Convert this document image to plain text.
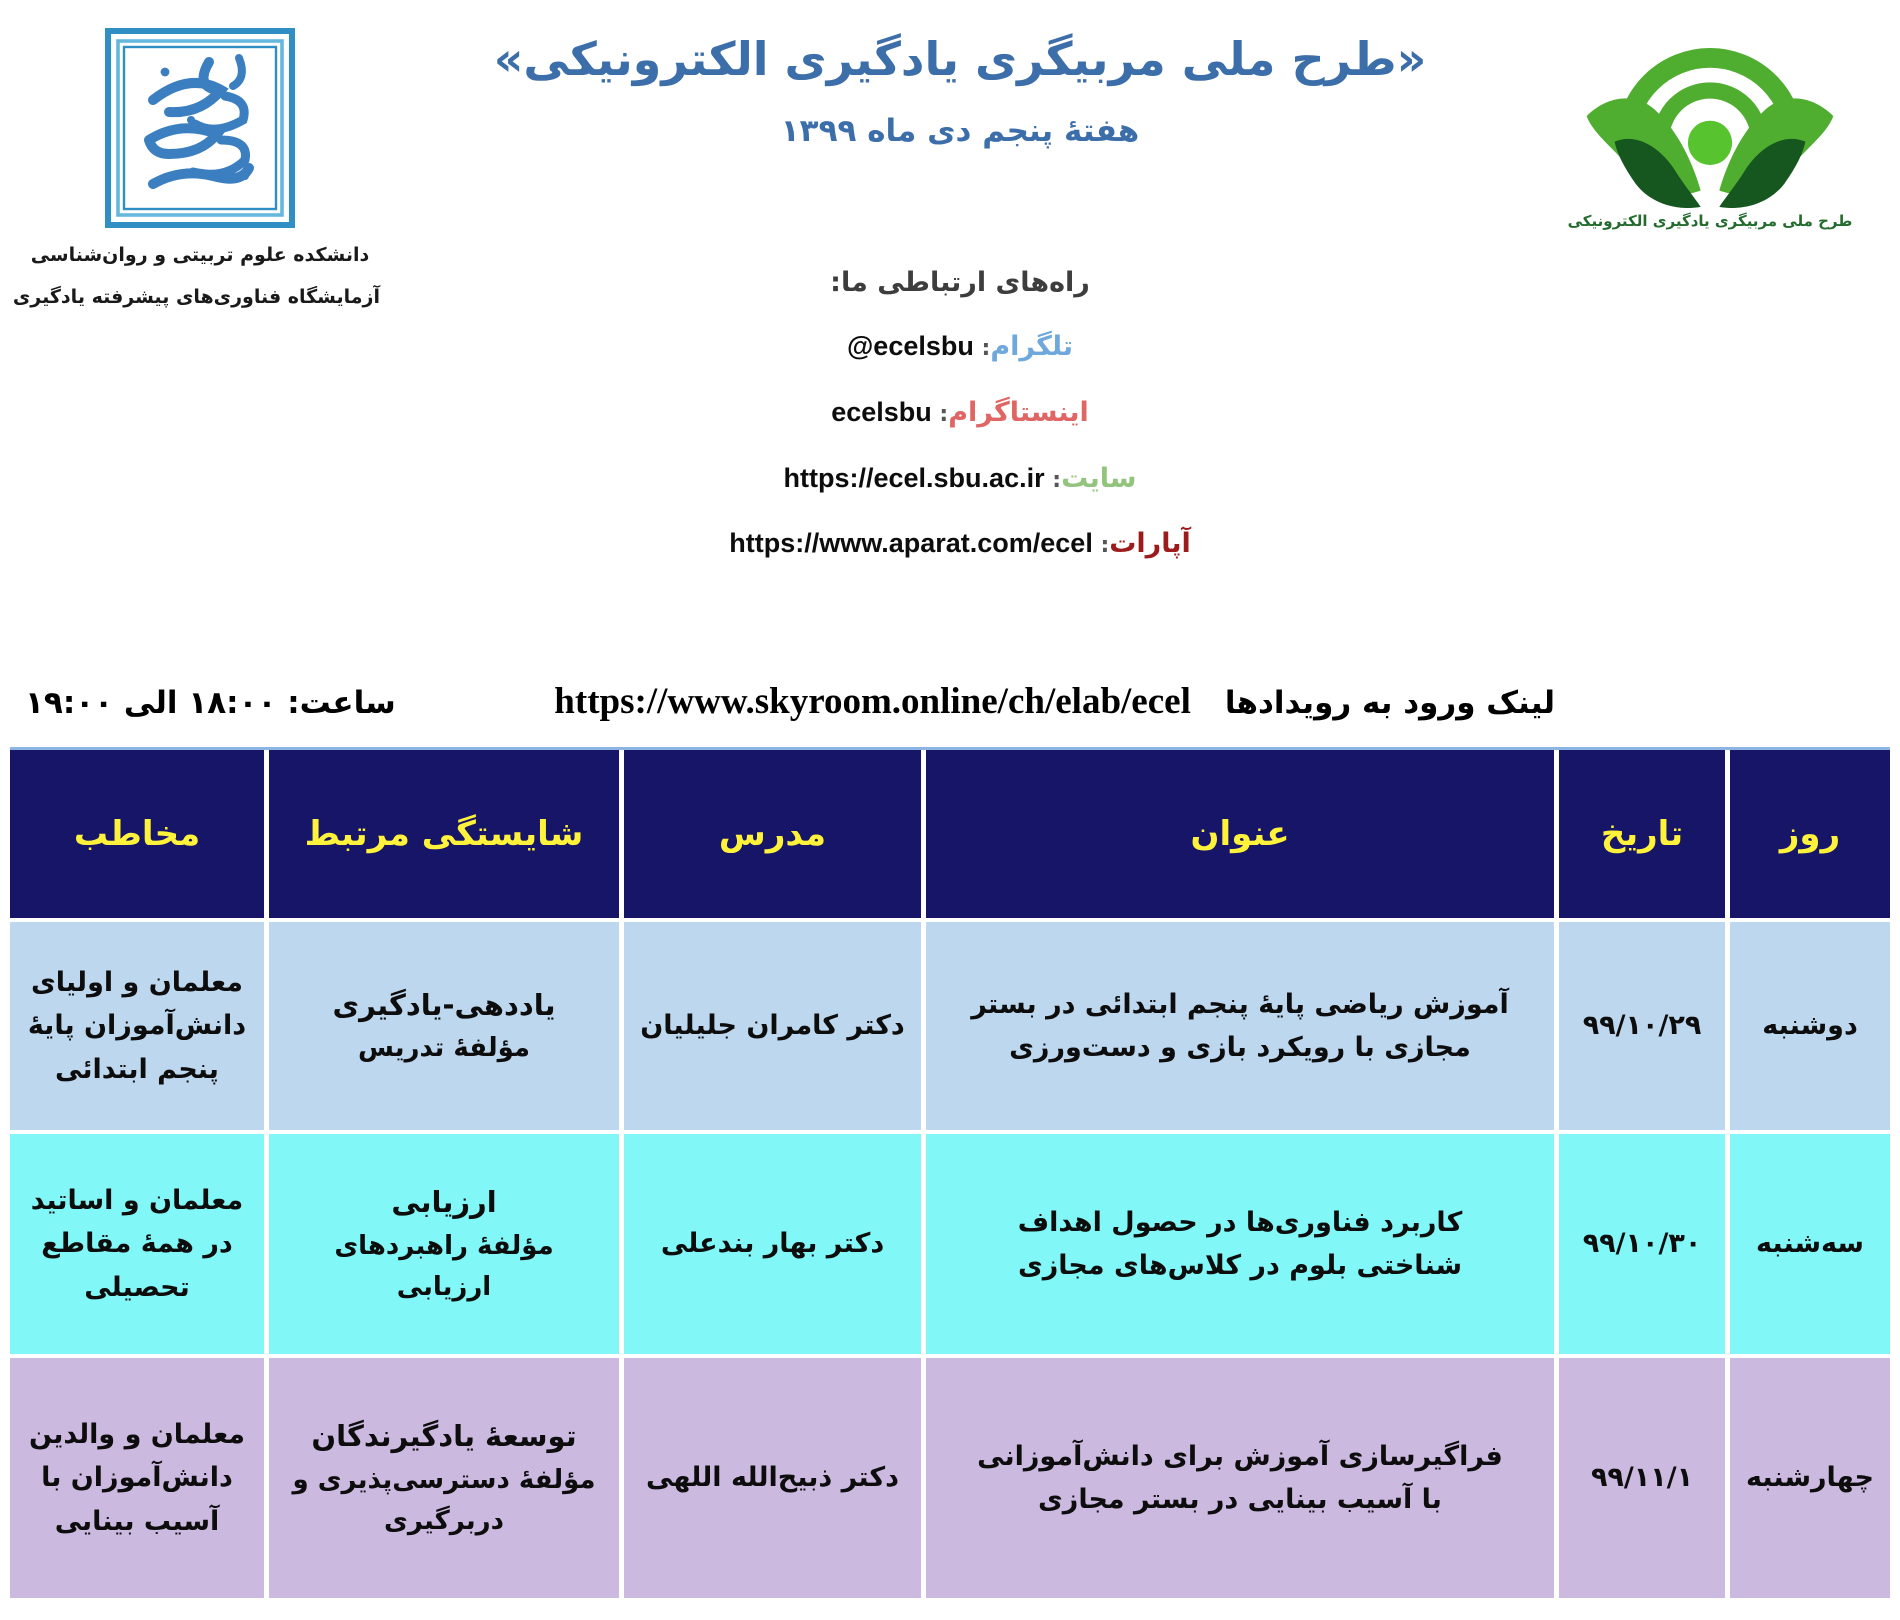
دانشکده علوم تربیتی و روان‌شناسی
آزمایشگاه فناوری‌های پیشرفته یادگیری
«طرح ملی مربیگری یادگیری الکترونیکی»
هفتۀ پنجم دی ماه ۱۳۹۹
راه‌های ارتباطی ما:
تلگرام : @ecelsbu
اینستاگرام : ecelsbu
سایت : https://ecel.sbu.ac.ir
آپارات : https://www.aparat.com/ecel
طرح ملی مربیگری یادگیری الکترونیکی
لینک ورود به رویدادها
https://www.skyroom.online/ch/elab/ecel
ساعت: ۱۸:۰۰ الی ۱۹:۰۰
روز
تاریخ
عنوان
مدرس
شایستگی مرتبط
مخاطب
دوشنبه
۹۹/۱۰/۲۹
آموزش ریاضی پایۀ پنجم ابتدائی در بستر مجازی با رویکرد بازی و دست‌ورزی
دکتر کامران جلیلیان
یاددهی-یادگیری
مؤلفۀ تدریس
معلمان و اولیای دانش‌آموزان پایۀ پنجم ابتدائی
سه‌شنبه
۹۹/۱۰/۳۰
کاربرد فناوری‌ها در حصول اهداف شناختی بلوم در کلاس‌های مجازی
دکتر بهار بندعلی
ارزیابی
مؤلفۀ راهبردهای ارزیابی
معلمان و اساتید در همۀ مقاطع تحصیلی
چهارشنبه
۹۹/۱۱/۱
فراگیرسازی آموزش برای دانش‌آموزانی با آسیب بینایی در بستر مجازی
دکتر ذبیح‌الله اللهی
توسعۀ یادگیرندگان
مؤلفۀ دسترسی‌پذیری و دربرگیری
معلمان و والدین دانش‌آموزان با آسیب بینایی
